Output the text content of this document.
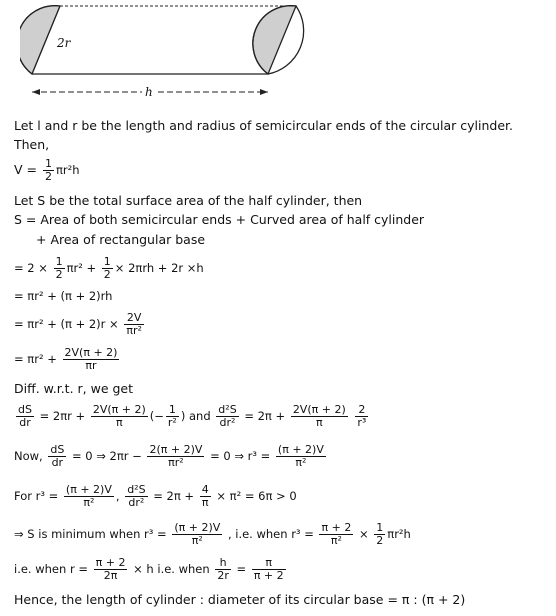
h
2r
Let l and r be the length and radius of semicircular ends of the circular cylinder.
Then,
$V = \frac{1}{2} \pi r^2h$
Let S be the total surface area of the half cylinder, then
S = Area of both semicircular ends + Curved area of half cylinder
+ Area of rectangular base
= $2 \times \frac{1}{2} \pi r^2 + \frac{1}{2} \times 2\pi rh + 2r \times h$
= πr² + (π + 2)rh
= $\pi r^2 + (\pi + 2)r \times \frac{2V}{\text{πr²}}$
= $\pi r^2 + \frac{2V(\pi + 2)}{\pi r}$
Diff. w.r.t. r, we get
$\frac{dS}{dr} = 2\pi r + \frac{2V(\pi + 2)}{\pi}$ (− $\frac{1}{\text{r²}}$ ) and $\frac{\text{d²S}}{\text{dr²}} = 2\pi + \frac{2V(\pi + 2)}{\pi}$
$\frac{2}{\text{r³}}$
Now, $\frac{dS}{dr} = 0$ ⇒ $2\pi r - \frac{2(\pi + 2)V}{\text{πr²}} = 0$ ⇒ $r^3 = \frac{(\pi + 2)V}{\text{π²}}$
For $r^3 = \frac{(\pi + 2)V}{\text{π²}}$ , $\frac{\text{d²S}}{\text{dr²}} = 2\pi + \frac{4}{\pi} \times \pi^2 = 6\pi > 0$
⇒ S is minimum when $r^3 = \frac{(\pi + 2)V}{\text{π²}}$ , i.e. when $r^3 = \frac{\pi + 2}{\text{π²}} \times \frac{1}{2} \pi r^2h$
i.e. when $r = \frac{\pi + 2}{2\pi} \times h$ i.e. when $\frac{h}{2r} = \frac{\pi}{\pi + 2}$
Hence, the length of cylinder : diameter of its circular base = π : (π + 2)
